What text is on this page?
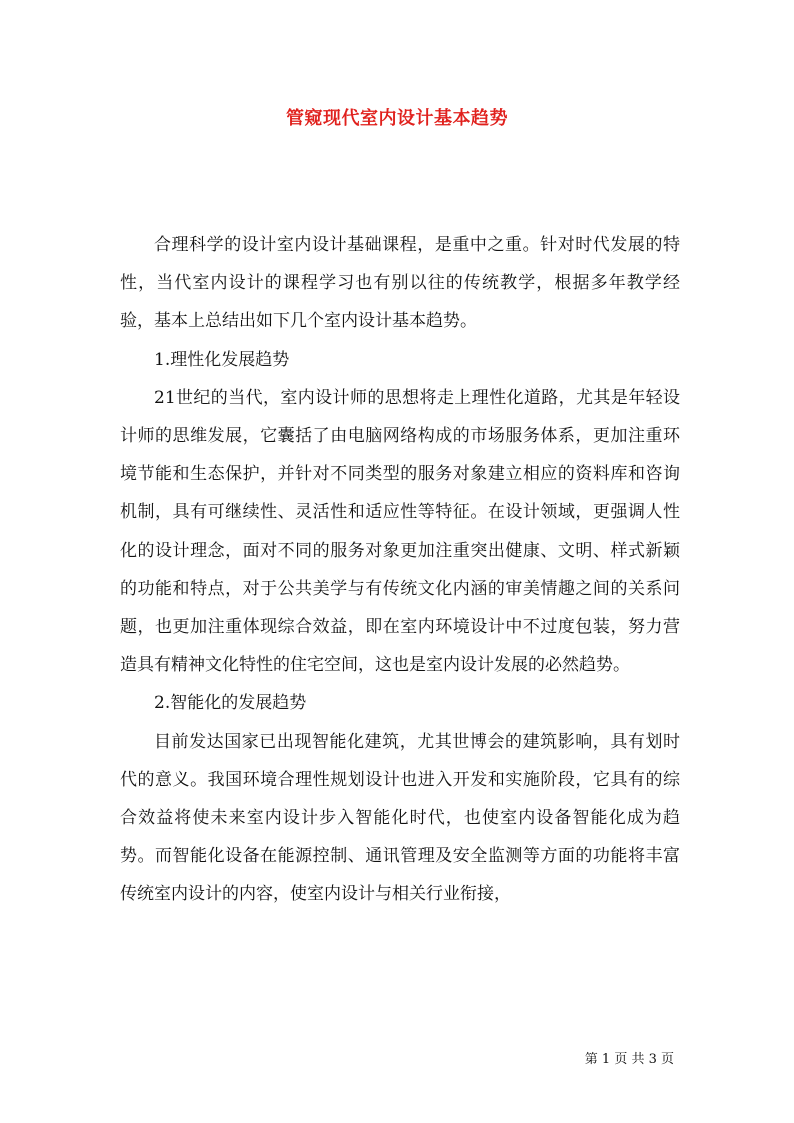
管窥现代室内设计基本趋势

合理科学的设计室内设计基础课程，是重中之重。针对时代发展的特性，当代室内设计的课程学习也有别以往的传统教学，根据多年教学经验，基本上总结出如下几个室内设计基本趋势。

1.理性化发展趋势

21世纪的当代，室内设计师的思想将走上理性化道路，尤其是年轻设计师的思维发展，它囊括了由电脑网络构成的市场服务体系，更加注重环境节能和生态保护，并针对不同类型的服务对象建立相应的资料库和咨询机制，具有可继续性、灵活性和适应性等特征。在设计领域，更强调人性化的设计理念，面对不同的服务对象更加注重突出健康、文明、样式新颖的功能和特点，对于公共美学与有传统文化内涵的审美情趣之间的关系问题，也更加注重体现综合效益，即在室内环境设计中不过度包装，努力营造具有精神文化特性的住宅空间，这也是室内设计发展的必然趋势。

2.智能化的发展趋势

目前发达国家已出现智能化建筑，尤其世博会的建筑影响，具有划时代的意义。我国环境合理性规划设计也进入开发和实施阶段，它具有的综合效益将使未来室内设计步入智能化时代，也使室内设备智能化成为趋势。而智能化设备在能源控制、通讯管理及安全监测等方面的功能将丰富传统室内设计的内容，使室内设计与相关行业衔接，

第 1 页 共 3 页
